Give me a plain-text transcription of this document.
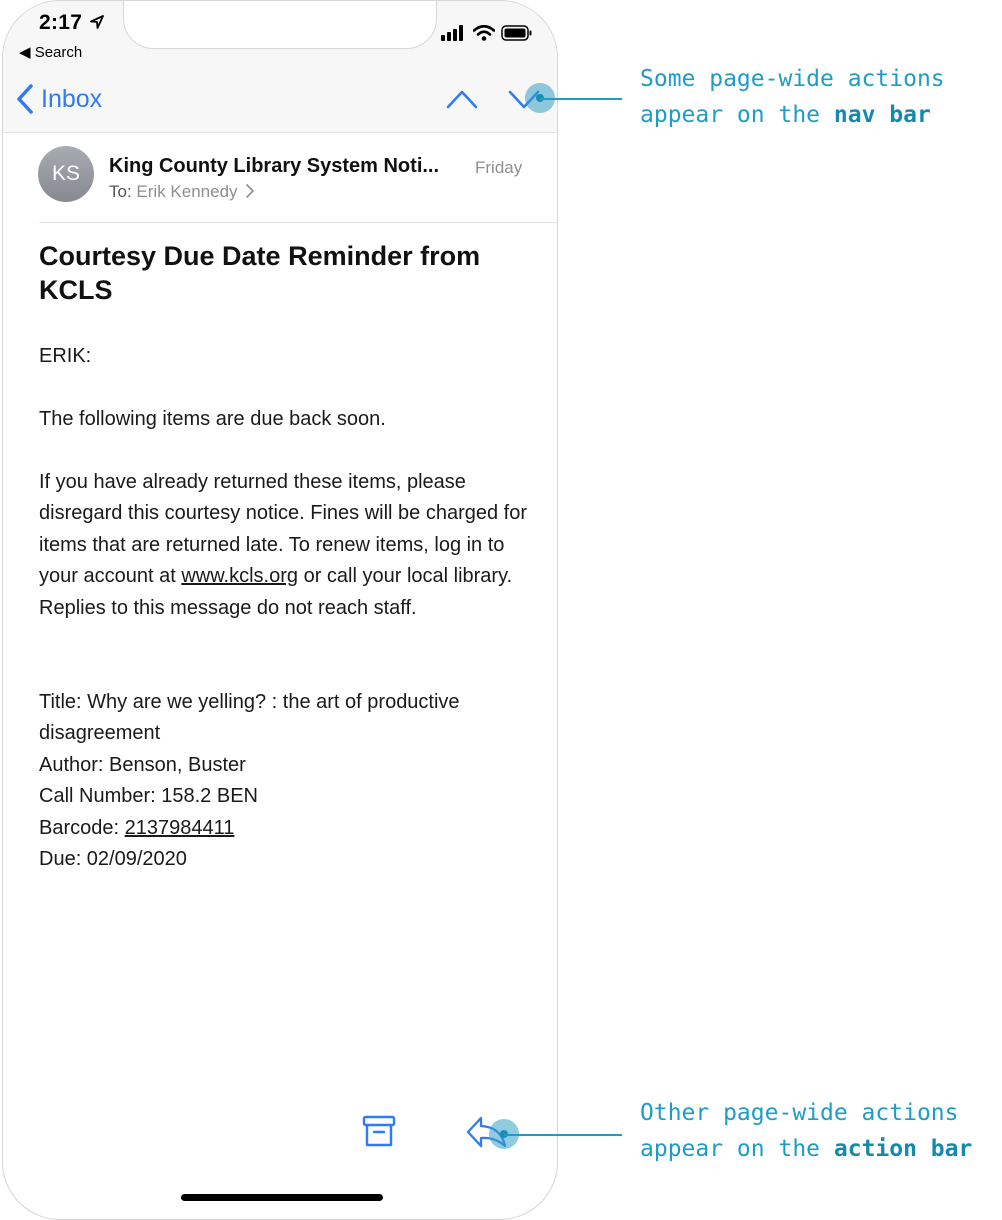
2:17
◀ Search
Inbox
KS	King County Library System Noti... Friday
To: Erik Kennedy
Courtesy Due Date Reminder from KCLS

ERIK:

The following items are due back soon.

If you have already returned these items, please disregard this courtesy notice. Fines will be charged for items that are returned late. To renew items, log in to your account at www.kcls.org or call your local library. Replies to this message do not reach staff.

Title: Why are we yelling? : the art of productive disagreement
Author: Benson, Buster
Call Number: 158.2 BEN
Barcode: 2137984411
Due: 02/09/2020

Some page-wide actions
appear on the nav bar

Other page-wide actions
appear on the action bar
